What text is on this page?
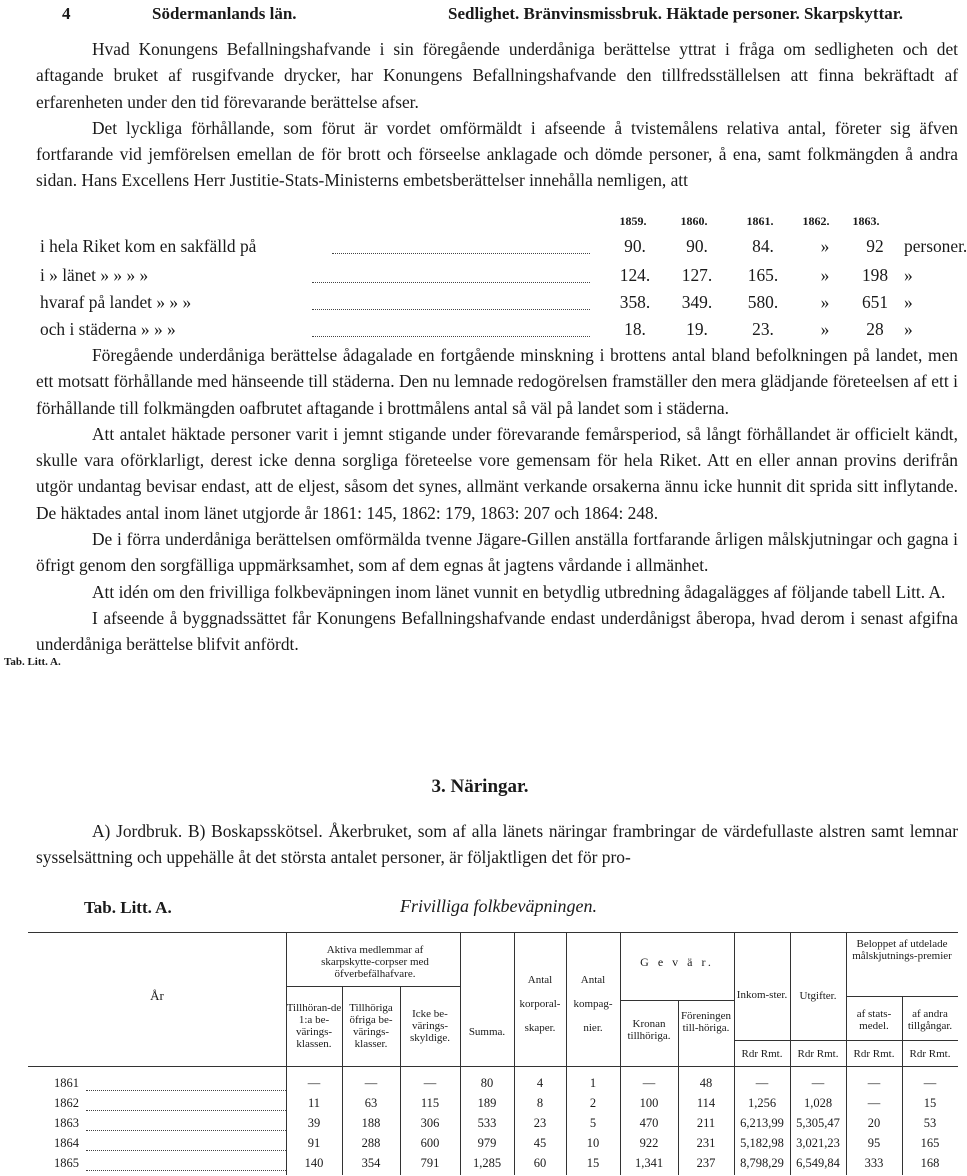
4	Södermanlands län.	Sedlighet. Bränvinsmissbruk. Häktade personer. Skarpskyttar.

Hvad Konungens Befallningshafvande i sin föregående underdåniga berättelse yttrat i fråga om sedligheten och det aftagande bruket af rusgifvande drycker, har Konungens Befallningshafvande den tillfredsställelsen att finna bekräftadt af erfarenheten under den tid förevarande berättelse afser.

Det lyckliga förhållande, som förut är vordet omförmäldt i afseende å tvistemålens relativa antal, företer sig äfven fortfarande vid jemförelsen emellan de för brott och förseelse anklagade och dömde personer, å ena, samt folkmängden å andra sidan. Hans Excellens Herr Justitie-Stats-Ministerns embetsberättelser innehålla nemligen, att

1859.	1860.	1861.	1862.	1863.
i hela Riket kom en sakfälld på	90.	90.	84.	»	92	personer.
i » länet » » » »	124.	127.	165.	»	198 »
hvaraf på landet » » »	358.	349.	580.	»	651 »
och i städerna » » »	18.	19.	23.	»	28	»

Föregående underdåniga berättelse ådagalade en fortgående minskning i brottens antal bland befolkningen på landet, men ett motsatt förhållande med hänseende till städerna. Den nu lemnade redogörelsen framställer den mera glädjande företeelsen af ett i förhållande till folkmängden oafbrutet aftagande i brottmålens antal så väl på landet som i städerna.

Att antalet häktade personer varit i jemnt stigande under förevarande femårsperiod, så långt förhållandet är officielt kändt, skulle vara oförklarligt, derest icke denna sorgliga företeelse vore gemensam för hela Riket. Att en eller annan provins derifrån utgör undantag bevisar endast, att de eljest, såsom det synes, allmänt verkande orsakerna ännu icke hunnit dit sprida sitt inflytande. De häktades antal inom länet utgjorde år 1861: 145, 1862: 179, 1863: 207 och 1864: 248.

De i förra underdåniga berättelsen omförmälda tvenne Jägare-Gillen anställa fortfarande årligen målskjutningar och gagna i öfrigt genom den sorgfälliga uppmärksamhet, som af dem egnas åt jagtens vårdande i allmänhet.

Att idén om den frivilliga folkbeväpningen inom länet vunnit en betydlig utbredning ådagalägges af följande tabell Litt. A.

I afseende å byggnadssättet får Konungens Befallningshafvande endast underdånigst åberopa, hvad derom i senast afgifna underdåniga berättelse blifvit anfördt.

Tab. Litt. A.
3. Näringar.

A) Jordbruk. B) Boskapsskötsel. Åkerbruket, som af alla länets näringar frambringar de värdefullaste alstren samt lemnar sysselsättning och uppehälle åt det största antalet personer, är följaktligen det för pro-

Tab. Litt. A.	Frivilliga folkbeväpningen.
År
Aktiva medlemmar af skarpskytte-corpser med öfverbefälhafvare.
Tillhöran-de 1:a be-värings-klassen.
Tillhöriga öfriga be-värings-klasser.
Icke be-värings-skyldige.	Summa.
Antal korporal-skaper.
Antal kompag-nier.
G e v ä r.
Kronan tillhöriga.
Föreningen till-höriga.
Inkom-ster.	Utgifter.
Beloppet af utdelade målskjutnings-premier
af stats-medel.
af andra tillgångar.
Rdr Rmt.	Rdr Rmt.	Rdr Rmt.	Rdr Rmt.
1861	—	—	—	80	4	1	—	48	—	—	—	—
1862	11	63	115	189	8	2	100	114	1,256	1,028	—	15
1863	39	188	306	533	23	5	470	211	6,213,99 5,305,47	20	53
1864	91	288	600	979	45	10	922	231	5,182,98 3,021,23	95	165
1865	140	354	791	1,285	60	15	1,341	237	8,798,29 6,549,84	333	168
